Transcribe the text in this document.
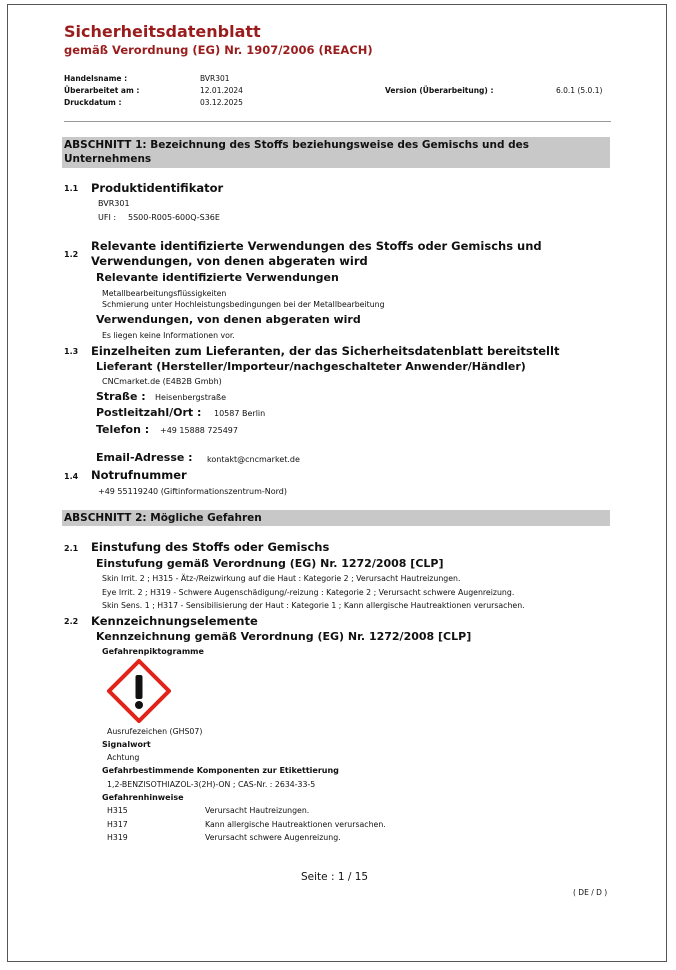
Sicherheitsdatenblatt
gemäß Verordnung (EG) Nr. 1907/2006 (REACH)
Handelsname :	BVR301
Überarbeitet am :	12.01.2024	Version (Überarbeitung) :	6.0.1 (5.0.1)
Druckdatum :	03.12.2025
ABSCHNITT 1: Bezeichnung des Stoffs beziehungsweise des Gemischs und des Unternehmens
1.1 Produktidentifikator
BVR301
UFI : 5S00-R005-600Q-S36E
1.2
Relevante identifizierte Verwendungen des Stoffs oder Gemischs und Verwendungen, von denen abgeraten wird
Relevante identifizierte Verwendungen
Metallbearbeitungsflüssigkeiten
Schmierung unter Hochleistungsbedingungen bei der Metallbearbeitung
Verwendungen, von denen abgeraten wird
Es liegen keine Informationen vor.
1.3 Einzelheiten zum Lieferanten, der das Sicherheitsdatenblatt bereitstellt
Lieferant (Hersteller/Importeur/nachgeschalteter Anwender/Händler)
CNCmarket.de (E4B2B Gmbh)
Straße : Heisenbergstraße
Postleitzahl/Ort : 10587 Berlin
Telefon : +49 15888 725497
Email-Adresse : kontakt@cncmarket.de
1.4 Notrufnummer
+49 55119240 (Giftinformationszentrum-Nord)
ABSCHNITT 2: Mögliche Gefahren
2.1 Einstufung des Stoffs oder Gemischs
Einstufung gemäß Verordnung (EG) Nr. 1272/2008 [CLP]
Skin Irrit. 2 ; H315 - Ätz-/Reizwirkung auf die Haut : Kategorie 2 ; Verursacht Hautreizungen.
Eye Irrit. 2 ; H319 - Schwere Augenschädigung/-reizung : Kategorie 2 ; Verursacht schwere Augenreizung.
Skin Sens. 1 ; H317 - Sensibilisierung der Haut : Kategorie 1 ; Kann allergische Hautreaktionen verursachen.
2.2 Kennzeichnungselemente
Kennzeichnung gemäß Verordnung (EG) Nr. 1272/2008 [CLP]
Gefahrenpiktogramme
Ausrufezeichen (GHS07)
Signalwort
Achtung
Gefahrbestimmende Komponenten zur Etikettierung
1,2-BENZISOTHIAZOL-3(2H)-ON ; CAS-Nr. : 2634-33-5
Gefahrenhinweise
H315	Verursacht Hautreizungen.
H317	Kann allergische Hautreaktionen verursachen.
H319	Verursacht schwere Augenreizung.
Seite : 1 / 15
( DE / D )
